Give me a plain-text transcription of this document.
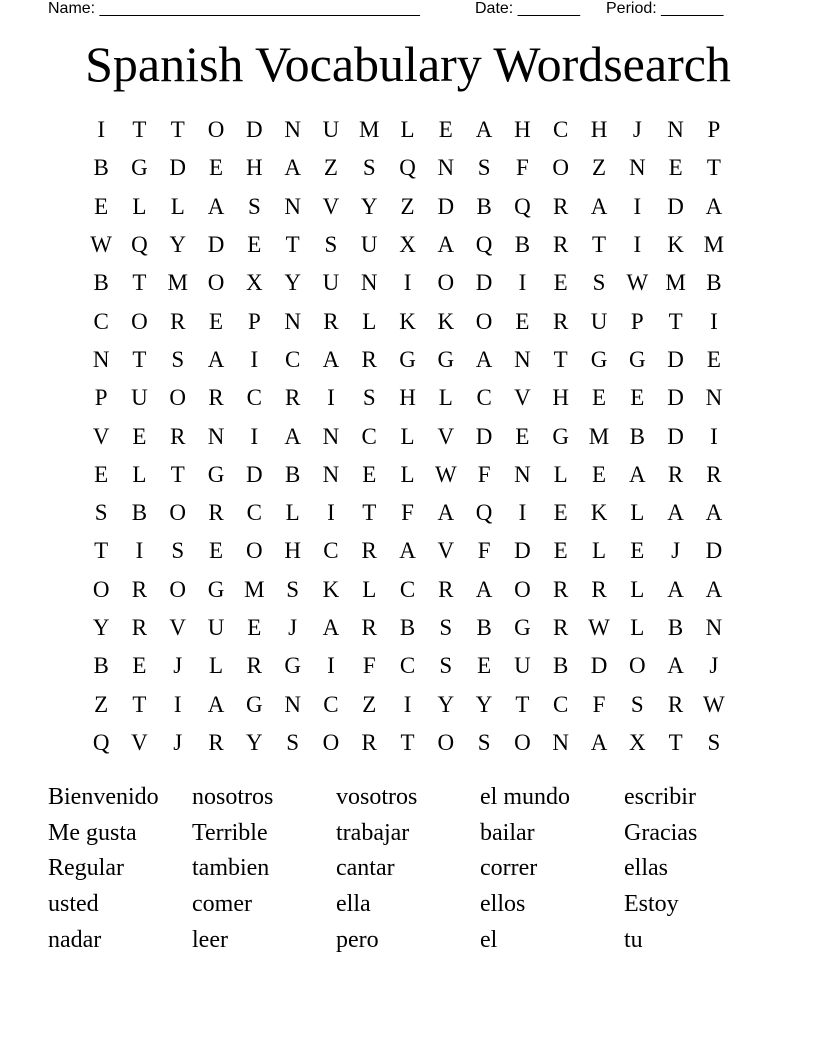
Name: ____________________________________	Date: _______ Period: _______
Spanish Vocabulary Wordsearch
I	T	T O D N U M L	E A H C H	J	N	P
B G D E H A Z	S	Q N	S	F	O Z N E	T
E	L	L A	S	N V Y Z D B Q R A	I	D A
W Q Y D E	T	S	U X A Q B R	T	I	K M
B	T M O X Y U N	I	O D	I	E	S W M B
C O R	E	P	N R	L K K O E	R U	P	T	I
N T	S	A	I	C A R G G A N T G G D E
P	U O R C R	I	S	H L	C V H E	E D N
V E	R N	I	A N C	L V D E G M B D	I
E	L	T G D B N E	L W F	N L	E A R R
S	B O R C	L	I	T	F	A Q	I	E K L A A
T	I	S	E O H C R A V	F	D E	L	E	J	D
O R O G M S	K L	C R A O R R	L A A
Y R V U E	J	A R B	S	B G R W L	B N
B	E	J	L	R G	I	F	C	S	E U B D O A	J
Z	T	I	A G N C	Z	I	Y Y T	C	F	S	R W
Q V	J	R Y	S	O R	T O	S	O N A X T	S
Bienvenido	nosotros	vosotros	el mundo	escribir
Me gusta	Terrible	trabajar	bailar	Gracias
Regular	tambien	cantar	correr	ellas
usted	comer	ella	ellos	Estoy
nadar	leer	pero	el	tu
